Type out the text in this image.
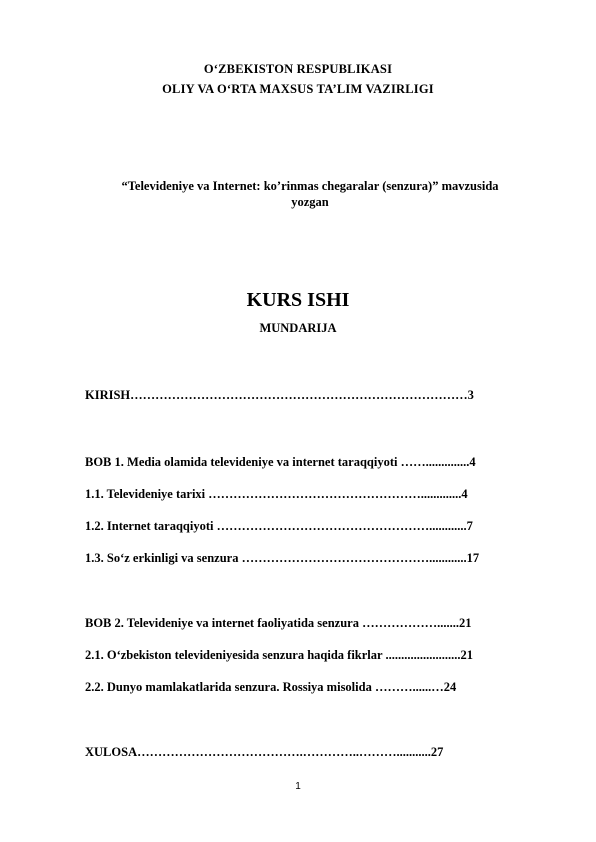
O‘ZBEKISTON RESPUBLIKASI
OLIY VA O‘RTA MAXSUS TA’LIM VAZIRLIGI
“Televideniye va Internet: ko’rinmas chegaralar (senzura)” mavzusida
yozgan
KURS ISHI
MUNDARIJA
KIRISH………………………………………………………………………3
BOB 1. Media olamida televideniye va internet taraqqiyoti ……..............4
1.1. Televideniye tarixi …………………………………………….............4
1.2. Internet taraqqiyoti ……………………………………………............7
1.3. So‘z erkinligi va senzura ………………………………………............17
BOB 2. Televideniye va internet faoliyatida senzura ……………….......21
2.1. O‘zbekiston televideniyesida senzura haqida fikrlar ........................21
2.2. Dunyo mamlakatlarida senzura. Rossiya misolida ………......…24
XULOSA………………………………….…………..………...........27
1
